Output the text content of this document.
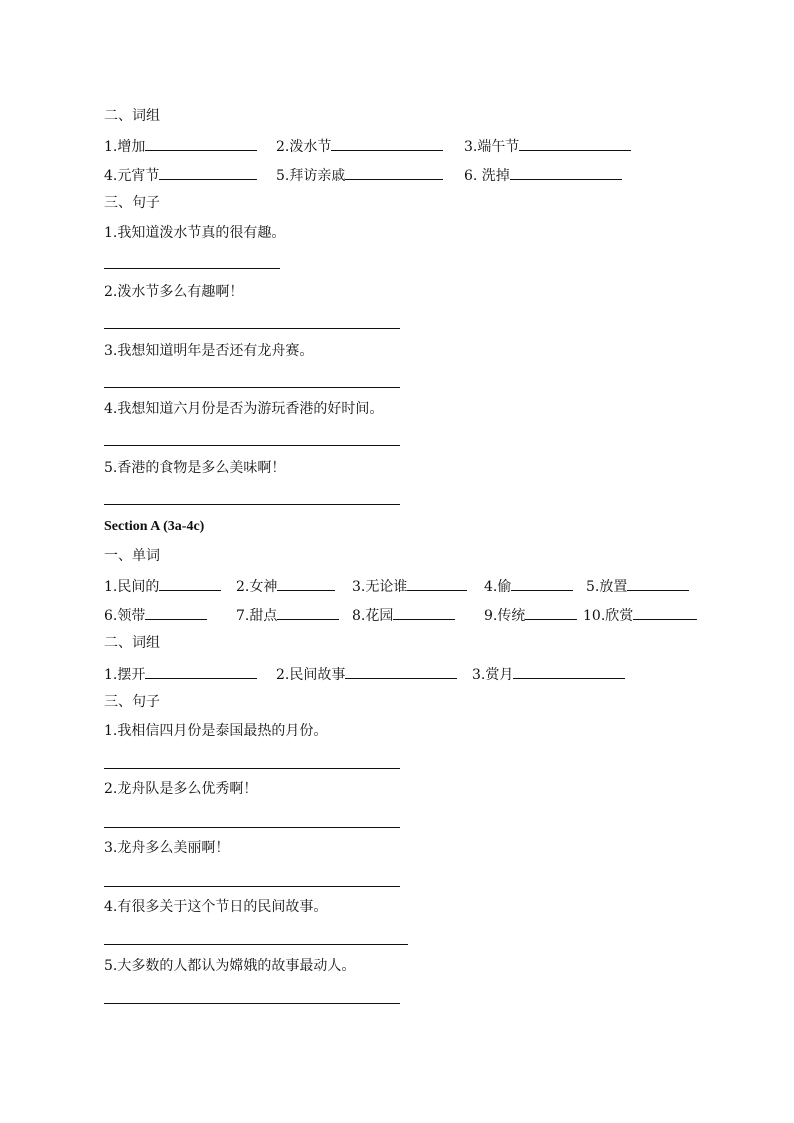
二、词组
1.增加	2.泼水节	3.端午节
4.元宵节	5.拜访亲戚	6. 洗掉
三、句子
1.我知道泼水节真的很有趣。
2.泼水节多么有趣啊！
3.我想知道明年是否还有龙舟赛。
4.我想知道六月份是否为游玩香港的好时间。
5.香港的食物是多么美味啊！
Section A (3a-4c)
一、单词
1.民间的	2.女神	3.无论谁	4.偷	5.放置
6.领带	7.甜点	8.花园	9.传统	10.欣赏
二、词组
1.摆开	2.民间故事	3.赏月
三、句子
1.我相信四月份是泰国最热的月份。
2.龙舟队是多么优秀啊！
3.龙舟多么美丽啊！
4.有很多关于这个节日的民间故事。
5.大多数的人都认为嫦娥的故事最动人。
